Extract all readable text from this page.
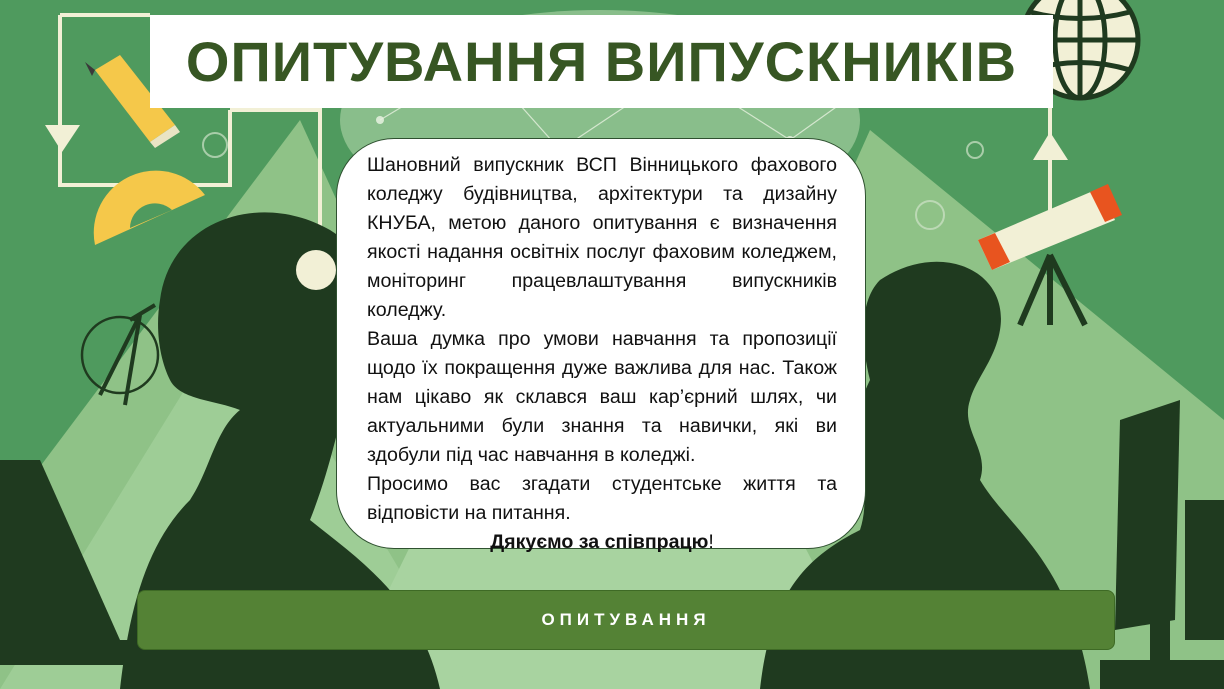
ОПИТУВАННЯ ВИПУСКНИКІВ

Шановний випускник ВСП Вінницького фахового коледжу будівництва, архітектури та дизайну КНУБА, метою даного опитування є визначення якості надання освітніх послуг фаховим коледжем, моніторинг працевлаштування випускників коледжу.

Ваша думка про умови навчання та пропозиції щодо їх покращення дуже важлива для нас. Також нам цікаво як склався ваш кар’єрний шлях, чи актуальними були знання та навички, які ви здобули під час навчання в коледжі.

Просимо вас згадати студентське життя та відповісти на питання.

Дякуємо за співпрацю!

ОПИТУВАННЯ
